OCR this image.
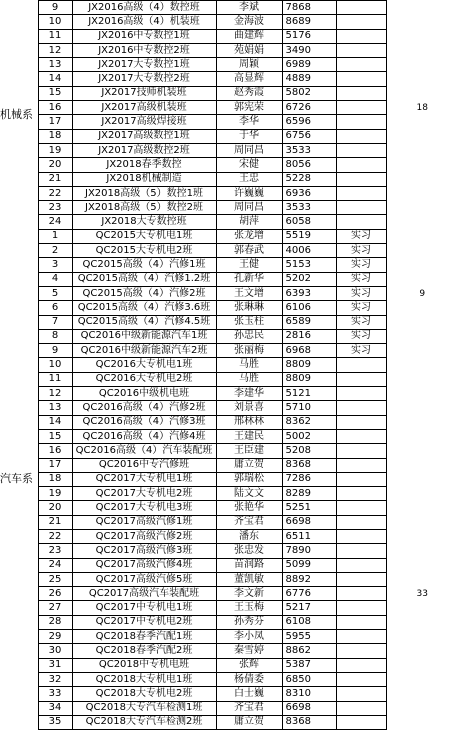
机械系	9	JX2016高级（4）数控班	李斌	7868		
	10	JX2016高级（4）机装班	金海波	8689		
	11	JX2016中专数控1班	曲建辉	5176		
	12	JX2016中专数控2班	苑娟娟	3490		
	13	JX2017大专数控1班	周颖	6989		
	14	JX2017大专数控2班	高显辉	4889		
	15	JX2017技师机装班	赵秀霞	5802		
	16	JX2017高级机装班	郭宪荣	6726		18
	17	JX2017高级焊接班	李华	6596		
	18	JX2017高级数控1班	于华	6756		
	19	JX2017高级数控2班	周同昌	3533		
	20	JX2018春季数控	宋健	8056		
	21	JX2018机械制造	王忠	5228		
	22	JX2018高级（5）数控1班	许巍巍	6936		
	23	JX2018高级（5）数控2班	周同昌	3533		
	24	JX2018大专数控班	胡萍	6058		
汽车系	1	QC2015大专机电1班	张龙增	5519	实习	
	2	QC2015大专机电2班	郭春武	4006	实习	
	3	QC2015高级（4）汽修1班	王健	5153	实习	
	4	QC2015高级（4）汽修1.2班	孔新华	5202	实习	
	5	QC2015高级（4）汽修2班	王文增	6393	实习	9
	6	QC2015高级（4）汽修3.6班	张琳琳	6106	实习	
	7	QC2015高级（4）汽修4.5班	张玉柱	6589	实习	
	8	QC2016中级新能源汽车1班	孙忠民	2816	实习	
	9	QC2016中级新能源汽车2班	张丽梅	6968	实习	
	10	QC2016大专机电1班	马胜	8809		
	11	QC2016大专机电2班	马胜	8809		
	12	QC2016中级机电班	李建华	5121		
	13	QC2016高级（4）汽修2班	刘景喜	5710		
	14	QC2016高级（4）汽修3班	邢林林	8362		
	15	QC2016高级（4）汽修4班	王建民	5002		
	16	QC2016高级（4）汽车装配班	王臣建	5208		
	17	QC2016中专汽修班	庸立贺	8368		
	18	QC2017大专机电1班	郭瑞松	7286		
	19	QC2017大专机电2班	陆文文	8289		
	20	QC2017大专机电3班	张艳华	5251		
	21	QC2017高级汽修1班	齐宝君	6698		
	22	QC2017高级汽修2班	潘东	6511		
	23	QC2017高级汽修3班	张忠发	7890		
	24	QC2017高级汽修4班	苗润路	5099		
	25	QC2017高级汽修5班	董凯敏	8892		
	26	QC2017高级汽车装配班	李文新	6776		33
	27	QC2017中专机电1班	王玉梅	5217		
	28	QC2017中专机电2班	孙秀芬	6108		
	29	QC2018春季汽配1班	李小凤	5955		
	30	QC2018春季汽配2班	秦雪婷	8862		
	31	QC2018中专机电班	张辉	5387		
	32	QC2018大专机电1班	杨倩委	6850		
	33	QC2018大专机电2班	白士巍	8310		
	34	QC2018大专汽车检测1班	齐宝君	6698		
	35	QC2018大专汽车检测2班	庸立贺	8368		
